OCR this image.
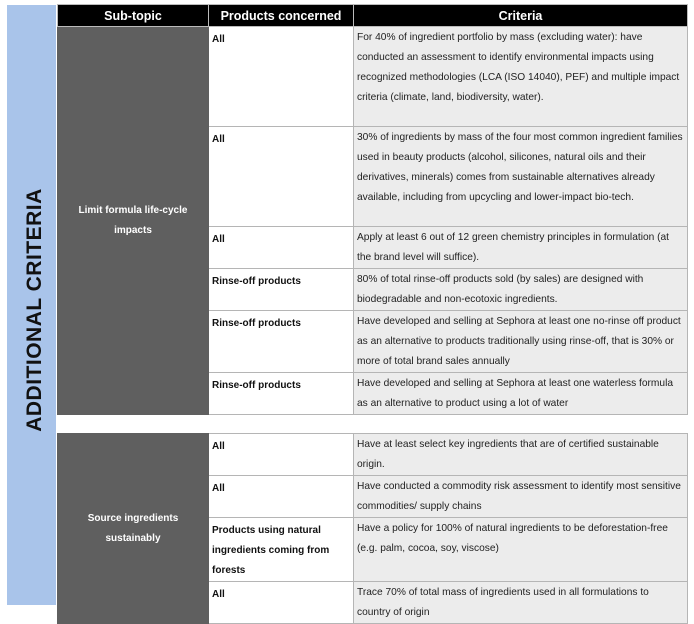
ADDITIONAL CRITERIA
Sub-topic	Products concerned	Criteria
Limit formula life-cycle impacts	All	For 40% of ingredient portfolio by mass (excluding water): have conducted an assessment to identify environmental impacts using recognized methodologies (LCA (ISO 14040), PEF) and multiple impact criteria (climate, land, biodiversity, water).
	All	30% of ingredients by mass of the four most common ingredient families used in beauty products (alcohol, silicones, natural oils and their derivatives, minerals) comes from sustainable alternatives already available, including from upcycling and lower-impact bio-tech.
	All	Apply at least 6 out of 12 green chemistry principles in formulation (at the brand level will suffice).
	Rinse-off products	80% of total rinse-off products sold (by sales) are designed with biodegradable and non-ecotoxic ingredients.
	Rinse-off products	Have developed and selling at Sephora at least one no-rinse off product as an alternative to products traditionally using rinse-off, that is 30% or more of total brand sales annually
	Rinse-off products	Have developed and selling at Sephora at least one waterless formula as an alternative to product using a lot of water

Source ingredients sustainably	All	Have at least select key ingredients that are of certified sustainable origin.
	All	Have conducted a commodity risk assessment to identify most sensitive commodities/ supply chains
	Products using natural ingredients coming from forests	Have a policy for 100% of natural ingredients to be deforestation-free (e.g. palm, cocoa, soy, viscose)
	All	Trace 70% of total mass of ingredients used in all formulations to country of origin
